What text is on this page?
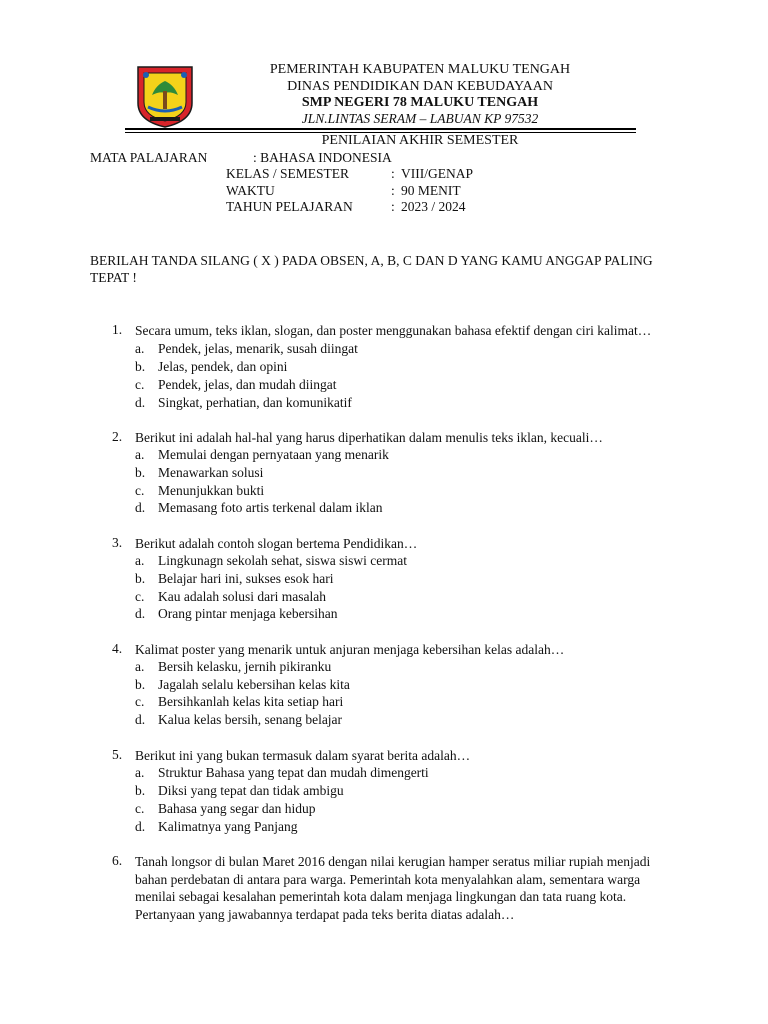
PEMERINTAH KABUPATEN MALUKU TENGAH
DINAS PENDIDIKAN DAN KEBUDAYAAN
SMP NEGERI 78 MALUKU TENGAH
JLN.LINTAS SERAM – LABUAN KP 97532
PENILAIAN AKHIR SEMESTER
MATA PALAJARAN	: BAHASA INDONESIA
KELAS / SEMESTER	: VIII/GENAP
WAKTU	: 90 MENIT
TAHUN PELAJARAN	: 2023 / 2024
BERILAH TANDA SILANG ( X ) PADA OBSEN, A, B, C DAN D YANG KAMU ANGGAP PALING TEPAT !
1. Secara umum, teks iklan, slogan, dan poster menggunakan bahasa efektif dengan ciri kalimat…
a. Pendek, jelas, menarik, susah diingat
b. Jelas, pendek, dan opini
c. Pendek, jelas, dan mudah diingat
d. Singkat, perhatian, dan komunikatif
2. Berikut ini adalah hal-hal yang harus diperhatikan dalam menulis teks iklan, kecuali…
a. Memulai dengan pernyataan yang menarik
b. Menawarkan solusi
c. Menunjukkan bukti
d. Memasang foto artis terkenal dalam iklan
3. Berikut adalah contoh slogan bertema Pendidikan…
a. Lingkunagn sekolah sehat, siswa siswi cermat
b. Belajar hari ini, sukses esok hari
c. Kau adalah solusi dari masalah
d. Orang pintar menjaga kebersihan
4. Kalimat poster yang menarik untuk anjuran menjaga kebersihan kelas adalah…
a. Bersih kelasku, jernih pikiranku
b. Jagalah selalu kebersihan kelas kita
c. Bersihkanlah kelas kita setiap hari
d. Kalua kelas bersih, senang belajar
5. Berikut ini yang bukan termasuk dalam syarat berita adalah…
a. Struktur Bahasa yang tepat dan mudah dimengerti
b. Diksi yang tepat dan tidak ambigu
c. Bahasa yang segar dan hidup
d. Kalimatnya yang Panjang
6. Tanah longsor di bulan Maret 2016 dengan nilai kerugian hamper seratus miliar rupiah menjadi bahan perdebatan di antara para warga. Pemerintah kota menyalahkan alam, sementara warga menilai sebagai kesalahan pemerintah kota dalam menjaga lingkungan dan tata ruang kota. Pertanyaan yang jawabannya terdapat pada teks berita diatas adalah…
